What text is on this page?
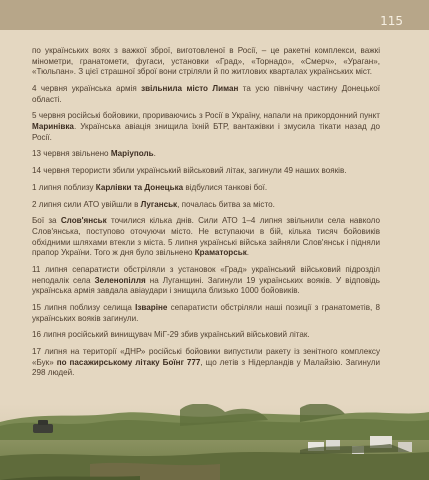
115

по українських воях з важкої зброї, виготовленої в Росії, – це ракетні комплекси, важкі мінометри, гранатомети, фугаси, установки «Град», «Торнадо», «Смерч», «Ураган», «Тюльпан». З цієї страшної зброї вони стріляли й по житлових кварталах українських міст.

4 червня українська армія звільнила місто Лиман та усю північну частину Донецької області.

5 червня російські бойовики, прориваючись з Росії в Україну, напали на прикордонний пункт Маринівка. Українська авіація знищила їхній БТР, вантажівки і змусила тікати назад до Росії.

13 червня звільнено Маріуполь.

14 червня терористи збили український військовий літак, загинули 49 наших вояків.

1 липня поблизу Карлівки та Донецька відбулися танкові бої.

2 липня сили АТО увійшли в Луганськ, почалась битва за місто.

Бої за Слов'янськ точилися кілька днів. Сили АТО 1–4 липня звільнили села навколо Слов'янська, поступово оточуючи місто. Не вступаючи в бій, кілька тисяч бойовиків обхідними шляхами втекли з міста. 5 липня українські війська зайняли Слов'янськ і підняли прапор України. Того ж дня було звільнено Краматорськ.

11 липня сепаратисти обстріляли з установок «Град» український військовий підрозділ неподалік села Зеленопілля на Луганщині. Загинули 19 українських вояків. У відповідь українська армія завдала авіаудари і знищила близько 1000 бойовиків.

15 липня поблизу селища Ізваріне сепаратисти обстріляли наші позиції з гранатометів, 8 українських вояків загинули.

16 липня російський винищувач МіГ-29 збив український військовий літак.

17 липня на території «ДНР» російські бойовики випустили ракету із зенітного комплексу «Бук» по пасажирському літаку Боїнг 777, що летів з Нідерландів у Малайзію. Загинули 298 людей.
